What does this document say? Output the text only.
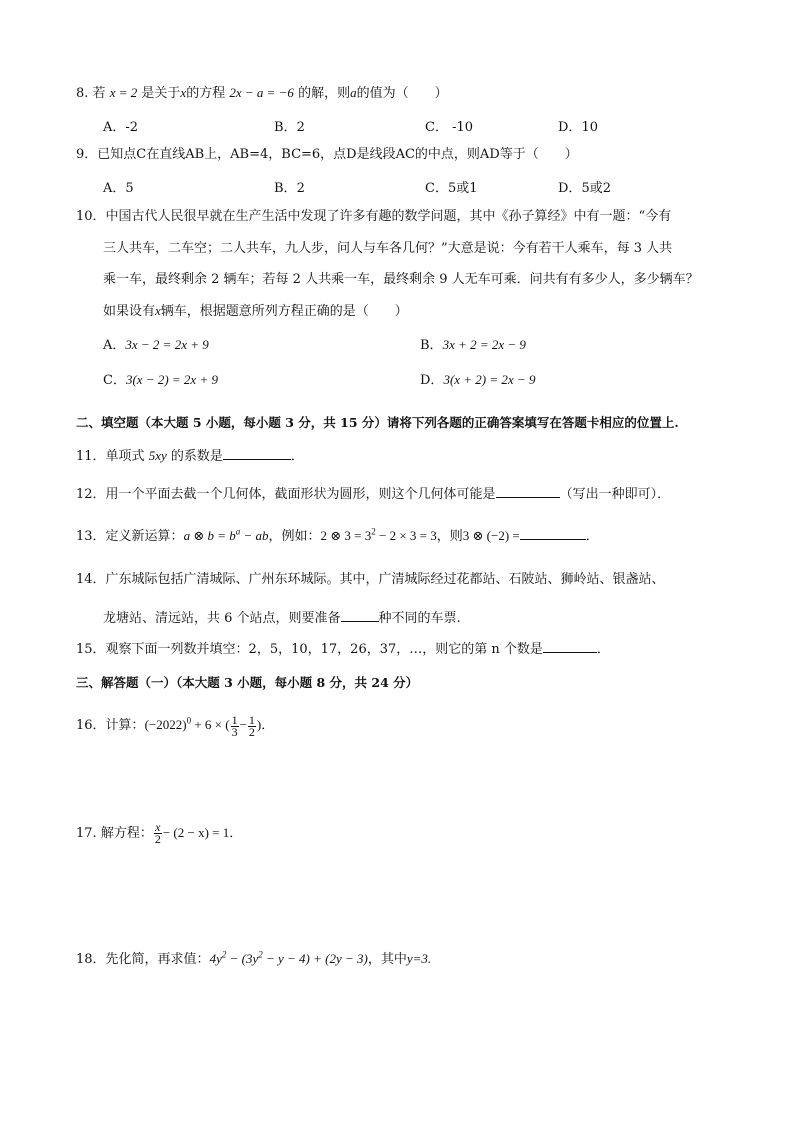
8. 若 x = 2 是关于x的方程 2x − a = −6 的解，则a的值为（　　）
A．-2	B．2	C． -10	D．10
9．已知点C在直线AB上，AB=4，BC=6，点D是线段AC的中点，则AD等于（　　）
A．5	B．2	C．5或1	D．5或2
10．中国古代人民很早就在生产生活中发现了许多有趣的数学问题，其中《孙子算经》中有一题：“今有
三人共车，二车空；二人共车，九人步，问人与车各几何？”大意是说：今有若干人乘车，每 3 人共
乘一车，最终剩余 2 辆车；若每 2 人共乘一车，最终剩余 9 人无车可乘．问共有有多少人，多少辆车？
如果设有x辆车，根据题意所列方程正确的是（　　）
A．3x − 2 = 2x + 9	B．3x + 2 = 2x − 9
C．3(x − 2) = 2x + 9	D．3(x + 2) = 2x − 9
二、填空题（本大题 5 小题，每小题 3 分，共 15 分）请将下列各题的正确答案填写在答题卡相应的位置上.
11．单项式 5xy 的系数是	．
12．用一个平面去截一个几何体，截面形状为圆形，则这个几何体可能是	（写出一种即可）．
13．定义新运算：a ⊗ $b = b^a$ − ab，例如：2 ⊗ $3 = 3^2 - 2 \times 3 = 3$，则3 ⊗ (−2) =	．
14．广东城际包括广清城际、广州东环城际。其中，广清城际经过花都站、石陂站、狮岭站、银盏站、
龙塘站、清远站，共 6 个站点，则要准备	种不同的车票.
15．观察下面一列数并填空：2，5，10，17，26，37，…，则它的第 n 个数是	．
三、解答题（一）（本大题 3 小题，每小题 8 分，共 24 分）
16．计算：$(-2022)^0 + 6$ × ( $\frac{1}{3} - \frac{1}{2}$ )．
17. 解方程： $\frac{x}{2} - (2 - x) = 1$．
18．先化简，再求值：$4y^2 - (3y^2 - y - 4) + (2y - 3)$，其中y=3.
